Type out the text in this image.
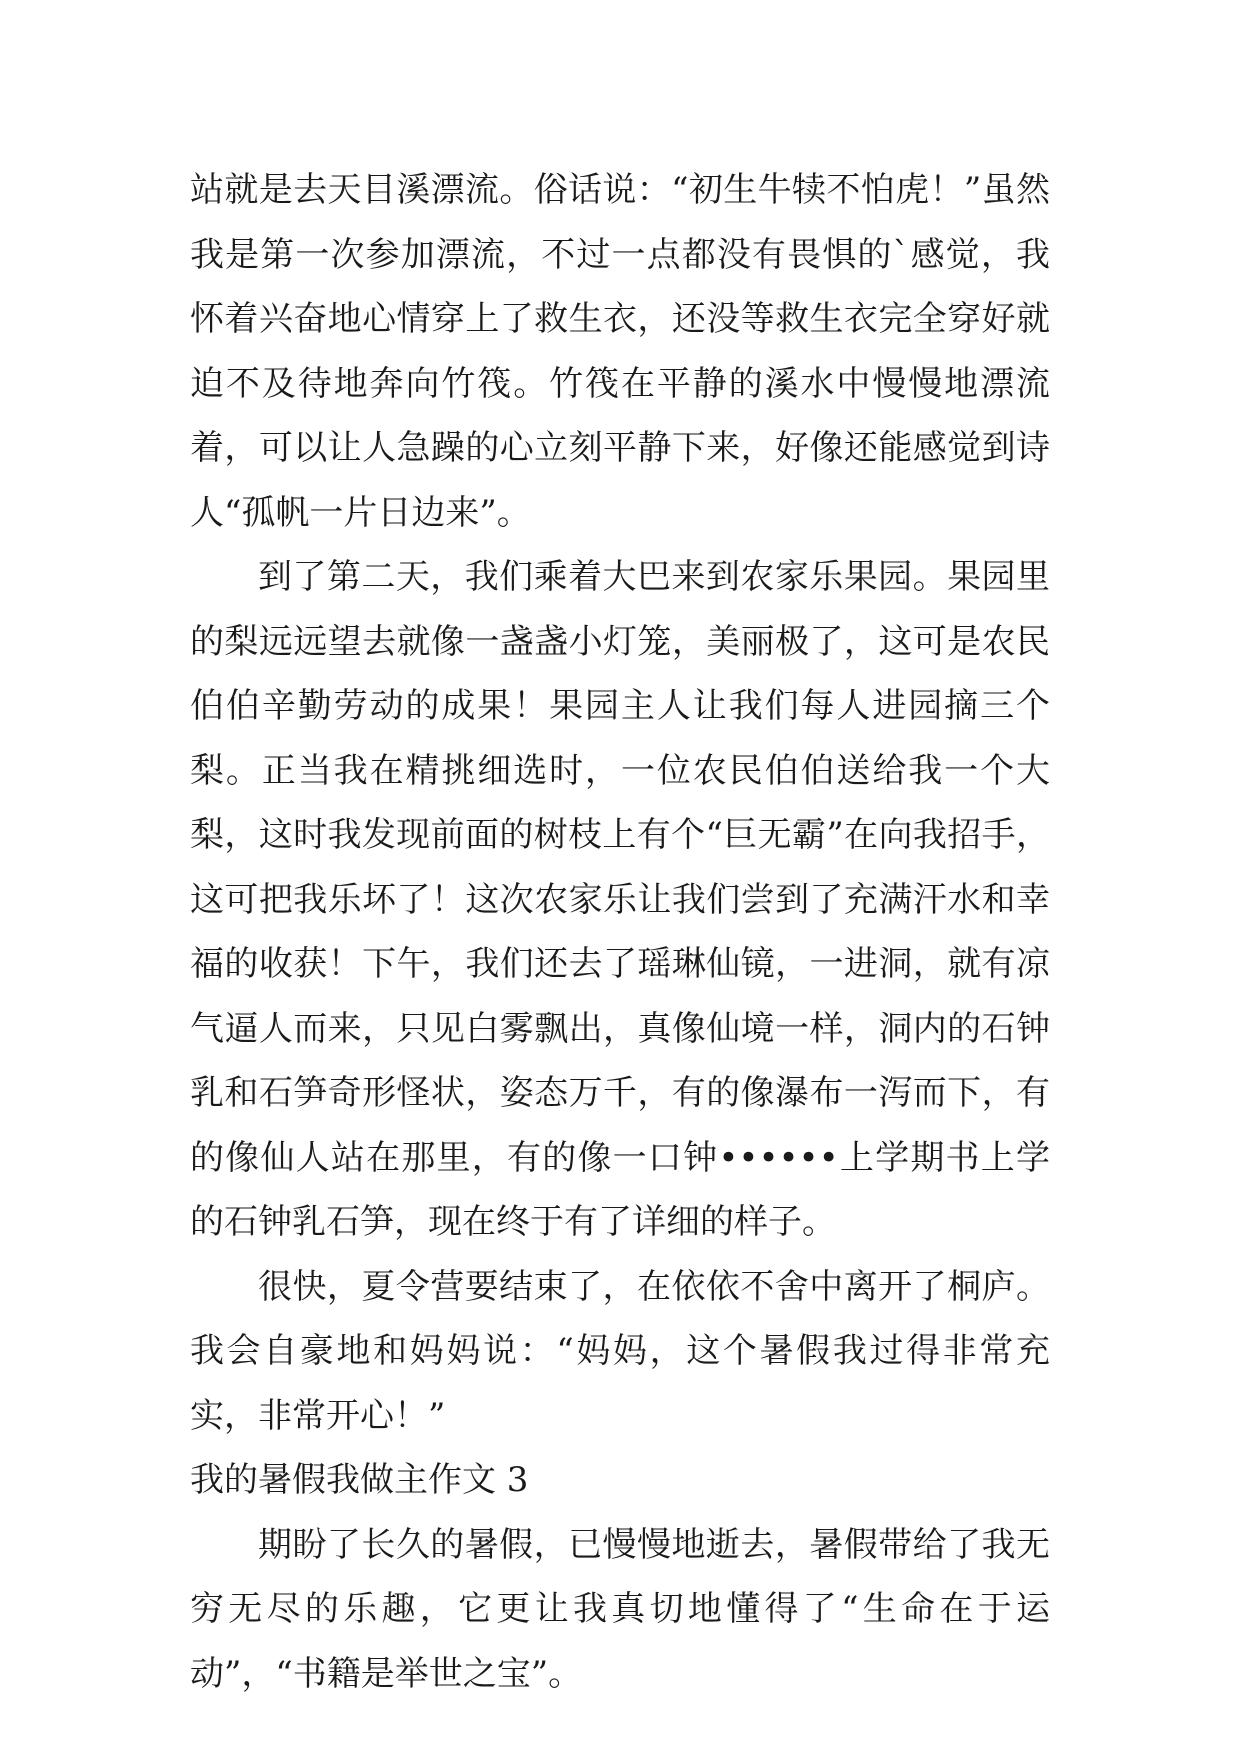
站就是去天目溪漂流。俗话说：“初生牛犊不怕虎！”虽然我是第一次参加漂流，不过一点都没有畏惧的`感觉，我怀着兴奋地心情穿上了救生衣，还没等救生衣完全穿好就迫不及待地奔向竹筏。竹筏在平静的溪水中慢慢地漂流着，可以让人急躁的心立刻平静下来，好像还能感觉到诗人“孤帆一片日边来”。

到了第二天，我们乘着大巴来到农家乐果园。果园里的梨远远望去就像一盏盏小灯笼，美丽极了，这可是农民伯伯辛勤劳动的成果！果园主人让我们每人进园摘三个梨。正当我在精挑细选时，一位农民伯伯送给我一个大梨，这时我发现前面的树枝上有个“巨无霸”在向我招手，这可把我乐坏了！这次农家乐让我们尝到了充满汗水和幸福的收获！下午，我们还去了瑶琳仙镜，一进洞，就有凉气逼人而来，只见白雾飘出，真像仙境一样，洞内的石钟乳和石笋奇形怪状，姿态万千，有的像瀑布一泻而下，有的像仙人站在那里，有的像一口钟••••••上学期书上学的石钟乳石笋，现在终于有了详细的样子。

很快，夏令营要结束了，在依依不舍中离开了桐庐。我会自豪地和妈妈说：“妈妈，这个暑假我过得非常充实，非常开心！”

我的暑假我做主作文 3

期盼了长久的暑假，已慢慢地逝去，暑假带给了我无穷无尽的乐趣，它更让我真切地懂得了“生命在于运动”，“书籍是举世之宝”。
